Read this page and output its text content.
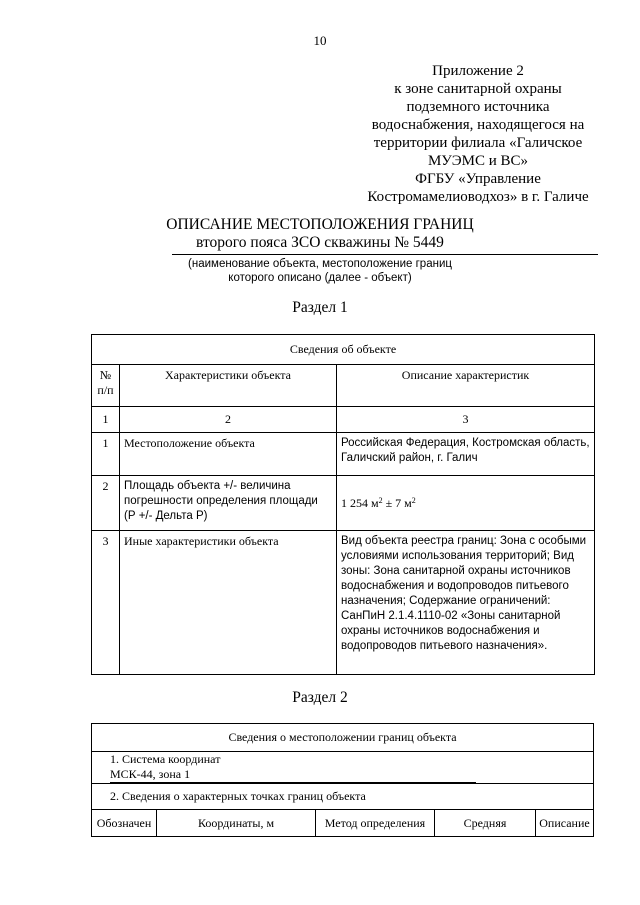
10
Приложение 2
к зоне санитарной охраны
подземного источника
водоснабжения, находящегося на
территории филиала «Галичское
МУЭМС и ВС»
ФГБУ «Управление
Костромамелиоводхоз» в г. Галиче
ОПИСАНИЕ МЕСТОПОЛОЖЕНИЯ ГРАНИЦ
второго пояса ЗСО скважины № 5449
(наименование объекта, местоположение границ
которого описано (далее - объект)
Раздел 1
Сведения об объекте		
№ п/п	Характеристики объекта	Описание характеристик
1	2	3
1	Местоположение объекта	Российская Федерация, Костромская область, Галичский район, г. Галич
2	Площадь объекта +/- величина погрешности определения площади (Р +/- Дельта Р)	1 254 $м^2 \pm 7$ $м^2$
3	Иные характеристики объекта	Вид объекта реестра границ: Зона с особыми условиями использования территорий; Вид зоны: Зона санитарной охраны источников водоснабжения и водопроводов питьевого назначения; Содержание ограничений: СанПиН 2.1.4.1110-02 «Зоны санитарной охраны источников водоснабжения и водопроводов питьевого назначения».
Раздел 2
Сведения о местоположении границ объекта
1. Система координат МСК-44, зона 1
2. Сведения о характерных точках границ объекта

Обозначен	Координаты, м	Метод определения	Средняя	Описание
